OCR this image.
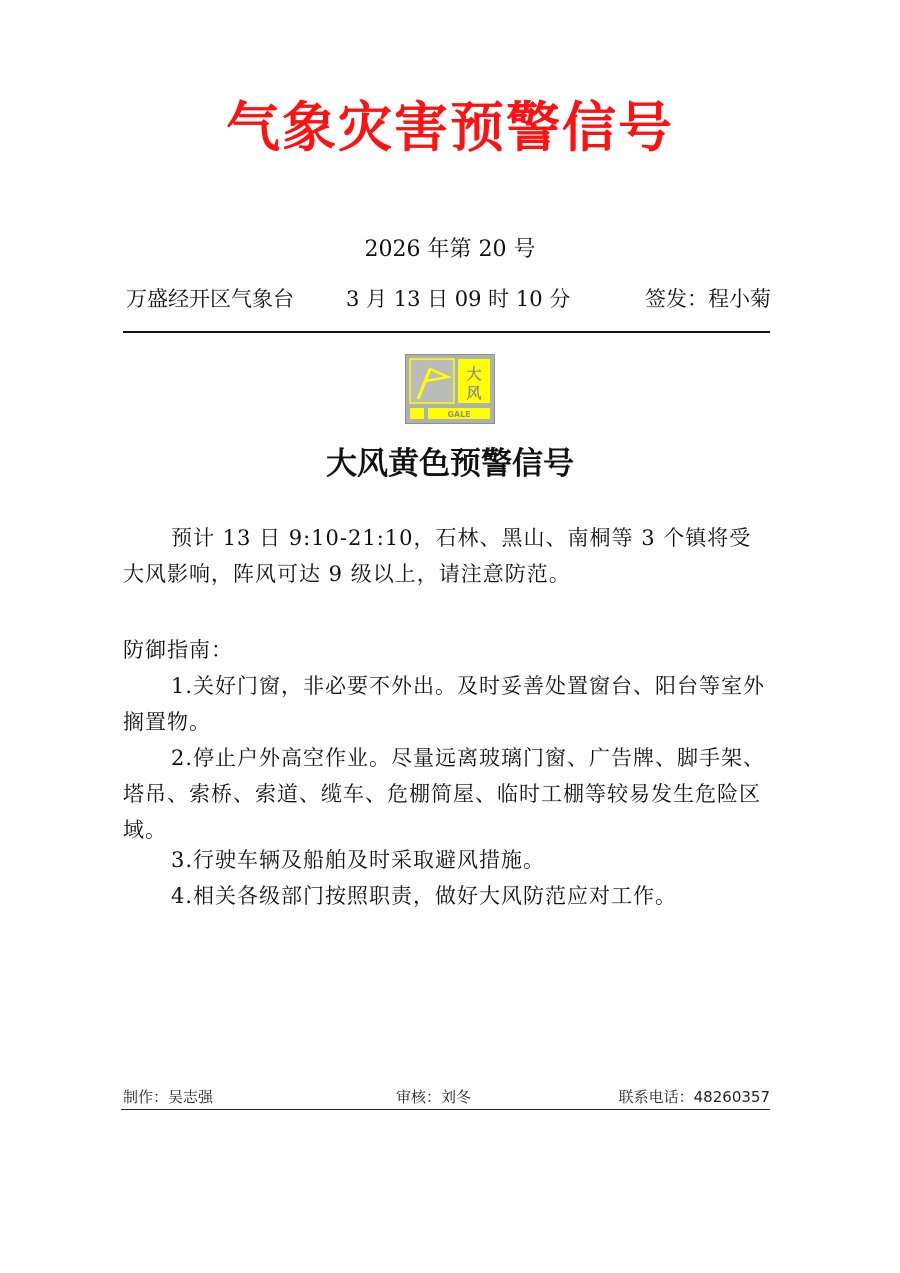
气象灾害预警信号
2026 年第 20 号
万盛经开区气象台 3 月 13 日 09 时 10 分	签发：程小菊
大
风
GALE
大风黄色预警信号
预计 13 日 9:10-21:10，石林、黑山、南桐等 3 个镇将受大风影响，阵风可达 9 级以上，请注意防范。
防御指南：
1.关好门窗，非必要不外出。及时妥善处置窗台、阳台等室外搁置物。
2.停止户外高空作业。尽量远离玻璃门窗、广告牌、脚手架、塔吊、索桥、索道、缆车、危棚简屋、临时工棚等较易发生危险区域。
3.行驶车辆及船舶及时采取避风措施。
4.相关各级部门按照职责，做好大风防范应对工作。
制作：吴志强	审核：刘冬	联系电话：48260357
